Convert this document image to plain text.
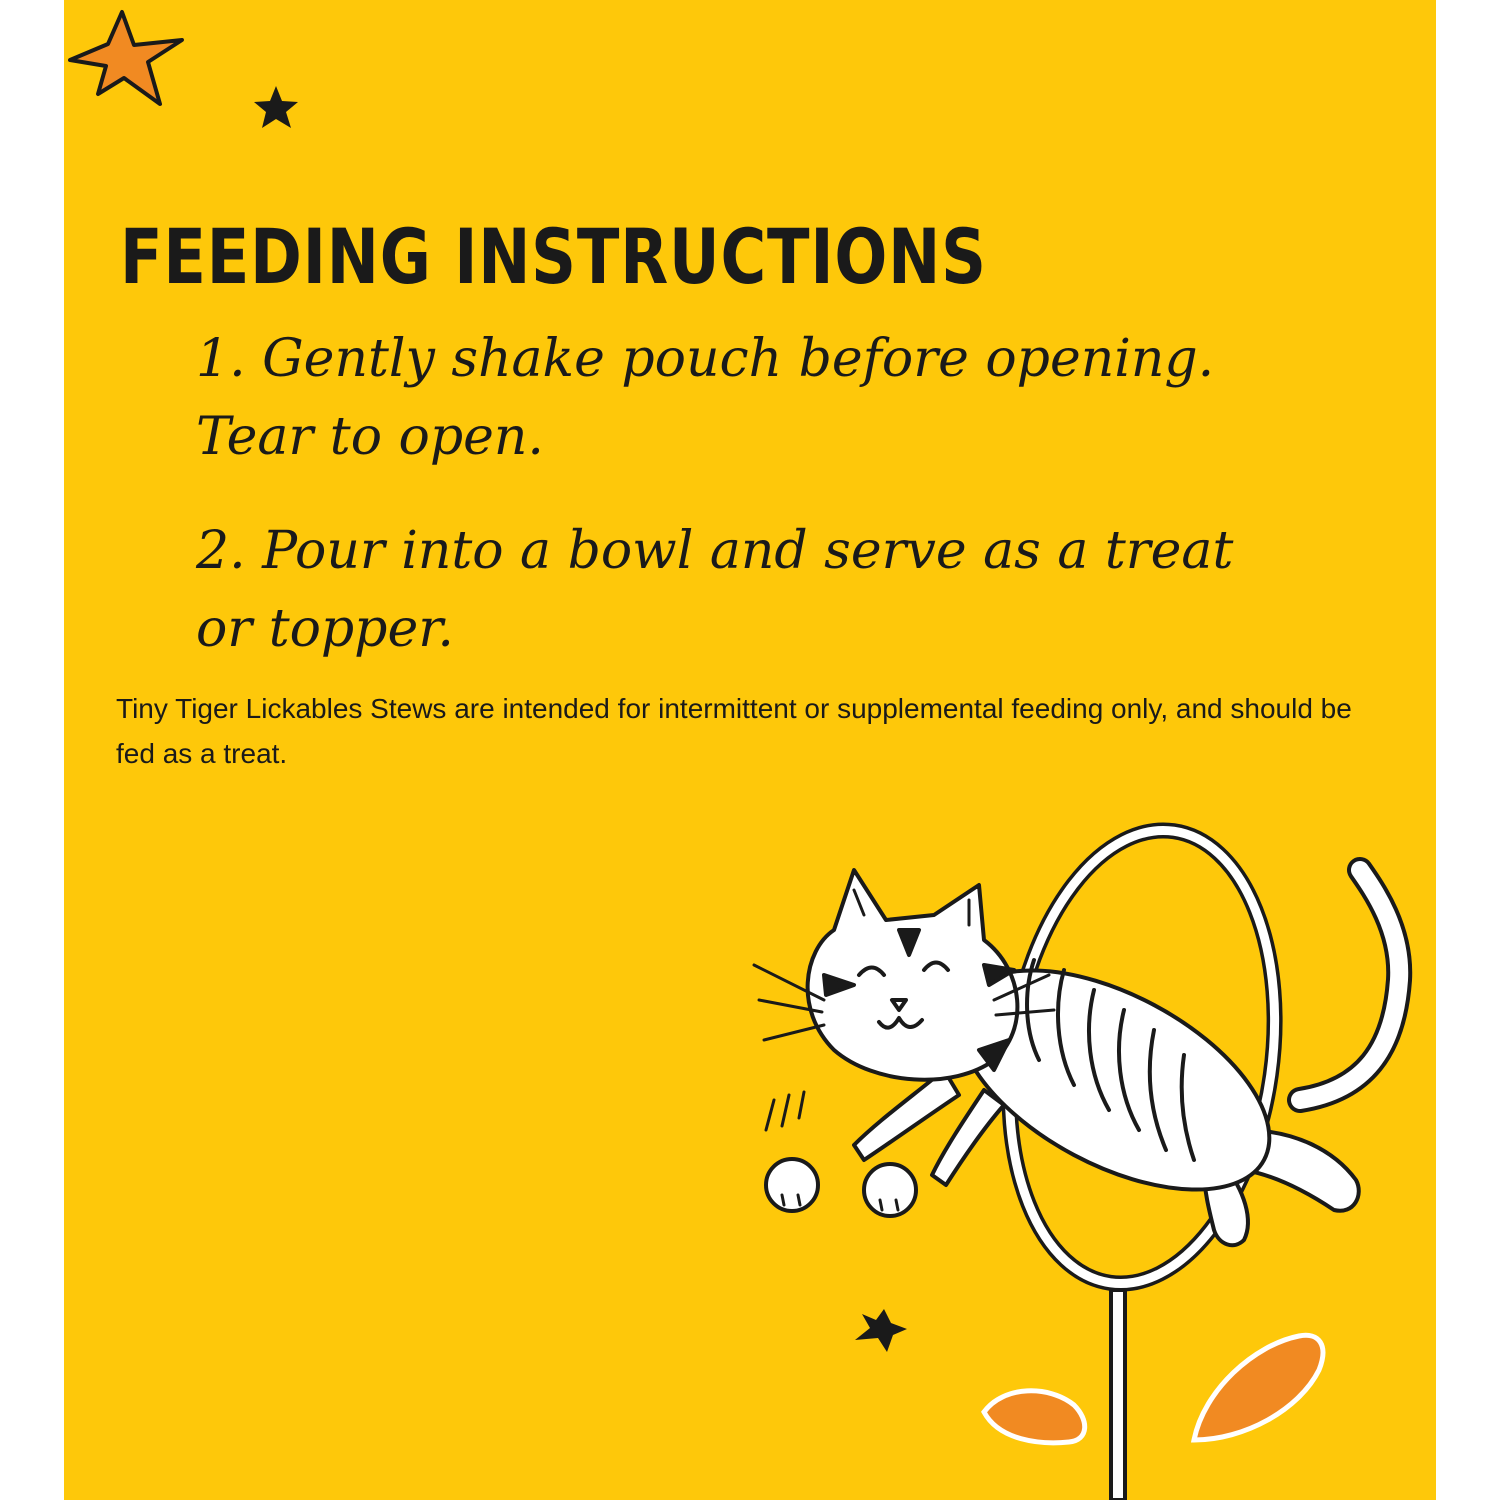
FEEDING INSTRUCTIONS
1. Gently shake pouch before opening. Tear to open.
2. Pour into a bowl and serve as a treat or topper.

Tiny Tiger Lickables Stews are intended for intermittent or supplemental feeding only, and should be fed as a treat.
